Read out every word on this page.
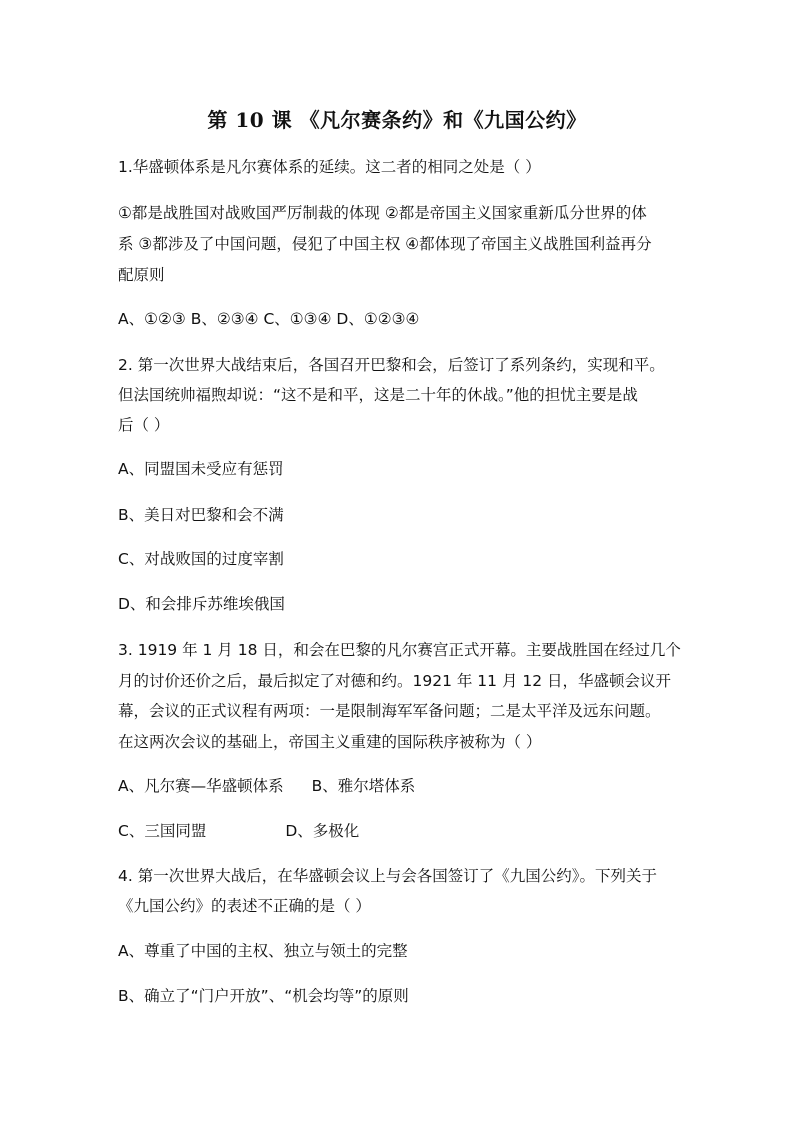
第 10 课 《凡尔赛条约》和《九国公约》
1.华盛顿体系是凡尔赛体系的延续。这二者的相同之处是（ ）
①都是战胜国对战败国严厉制裁的体现 ②都是帝国主义国家重新瓜分世界的体
系 ③都涉及了中国问题，侵犯了中国主权 ④都体现了帝国主义战胜国利益再分
配原则
A、①②③ B、②③④ C、①③④ D、①②③④
2. 第一次世界大战结束后，各国召开巴黎和会，后签订了系列条约，实现和平。
但法国统帅福煦却说：“这不是和平，这是二十年的休战。”他的担忧主要是战
后（ ）
A、同盟国未受应有惩罚
B、美日对巴黎和会不满
C、对战败国的过度宰割
D、和会排斥苏维埃俄国
3. 1919 年 1 月 18 日，和会在巴黎的凡尔赛宫正式开幕。主要战胜国在经过几个
月的讨价还价之后，最后拟定了对德和约。1921 年 11 月 12 日，华盛顿会议开
幕，会议的正式议程有两项：一是限制海军军备问题；二是太平洋及远东问题。
在这两次会议的基础上，帝国主义重建的国际秩序被称为（ ）
A、凡尔赛—华盛顿体系 B、雅尔塔体系
C、三国同盟	D、多极化
4. 第一次世界大战后，在华盛顿会议上与会各国签订了《九国公约》。下列关于
《九国公约》的表述不正确的是（ ）
A、尊重了中国的主权、独立与领土的完整
B、确立了“门户开放”、“机会均等”的原则
